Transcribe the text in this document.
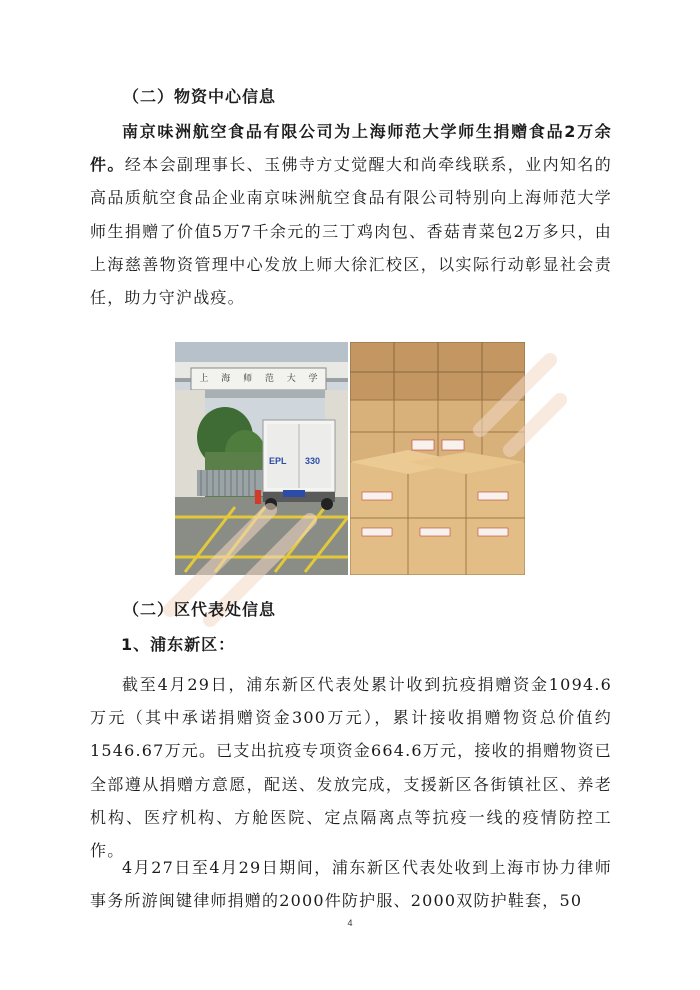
（二）物资中心信息

南京味洲航空食品有限公司为上海师范大学师生捐赠食品2万余件。经本会副理事长、玉佛寺方丈觉醒大和尚牵线联系，业内知名的高品质航空食品企业南京味洲航空食品有限公司特别向上海师范大学师生捐赠了价值5万7千余元的三丁鸡肉包、香菇青菜包2万多只，由上海慈善物资管理中心发放上师大徐汇校区，以实际行动彰显社会责任，助力守沪战疫。

上 海 师 范 大 学
EPL 330
（二）区代表处信息
1、浦东新区：

截至4月29日，浦东新区代表处累计收到抗疫捐赠资金1094.6万元（其中承诺捐赠资金300万元），累计接收捐赠物资总价值约1546.67万元。已支出抗疫专项资金664.6万元，接收的捐赠物资已全部遵从捐赠方意愿，配送、发放完成，支援新区各街镇社区、养老机构、医疗机构、方舱医院、定点隔离点等抗疫一线的疫情防控工作。

4月27日至4月29日期间，浦东新区代表处收到上海市协力律师事务所游闽键律师捐赠的2000件防护服、2000双防护鞋套，50

4
